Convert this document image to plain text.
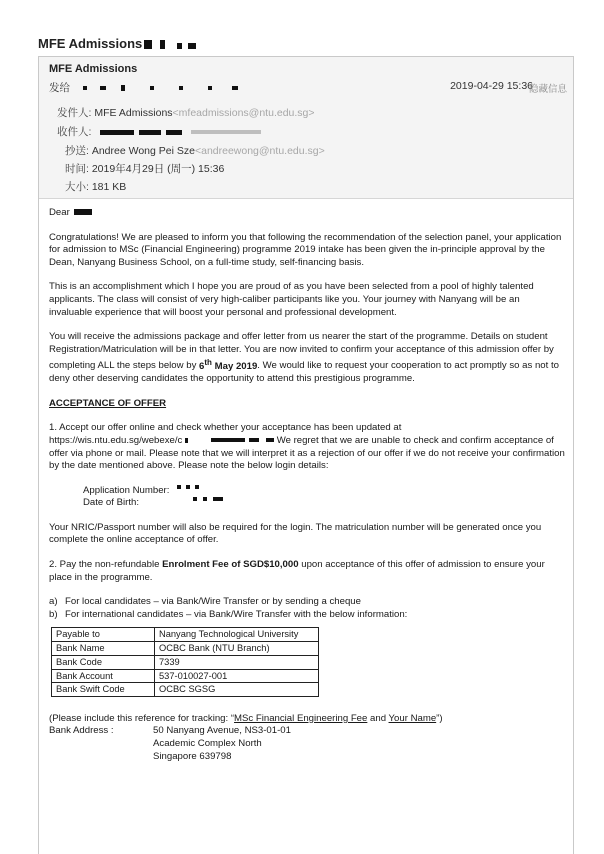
MFE Admissions
MFE Admissions
发给	2019-04-29 15:36
隐藏信息
发件人: MFE Admissions<mfeadmissions@ntu.edu.sg>
收件人:
抄送: Andree Wong Pei Sze<andreewong@ntu.edu.sg>
时间: 2019年4月29日 (周一) 15:36
大小: 181 KB

Dear

Congratulations! We are pleased to inform you that following the recommendation of the selection panel, your application for admission to MSc (Financial Engineering) programme 2019 intake has been given the in-principle approval by the Dean, Nanyang Business School, on a full-time study, self-financing basis.

This is an accomplishment which I hope you are proud of as you have been selected from a pool of highly talented applicants. The class will consist of very high-caliber participants like you. Your journey with Nanyang will be an invaluable experience that will boost your personal and professional development.

You will receive the admissions package and offer letter from us nearer the start of the programme. Details on student Registration/Matriculation will be in that letter. You are now invited to confirm your acceptance of this admission offer by completing ALL the steps below by 6th May 2019. We would like to request your cooperation to act promptly so as not to deny other deserving candidates the opportunity to attend this prestigious programme.

ACCEPTANCE OF OFFER

1. Accept our offer online and check whether your acceptance has been updated at
https://wis.ntu.edu.sg/webexe/c	We regret that we are unable to check and confirm acceptance of offer via phone or mail. Please note that we will interpret it as a rejection of our offer if we do not receive your confirmation by the date mentioned above. Please note the below login details:

Application Number:
Date of Birth:

Your NRIC/Passport number will also be required for the login. The matriculation number will be generated once you complete the online acceptance of offer.

2. Pay the non-refundable Enrolment Fee of SGD$10,000 upon acceptance of this offer of admission to ensure your place in the programme.

a) For local candidates – via Bank/Wire Transfer or by sending a cheque
b) For international candidates – via Bank/Wire Transfer with the below information:
Payable to	Nanyang Technological University
Bank Name	OCBC Bank (NTU Branch)
Bank Code	7339
Bank Account	537-010027-001
Bank Swift Code	OCBC SGSG
(Please include this reference for tracking: “MSc Financial Engineering Fee and Your Name”)
Bank Address :	50 Nanyang Avenue, NS3-01-01
Academic Complex North
Singapore 639798
